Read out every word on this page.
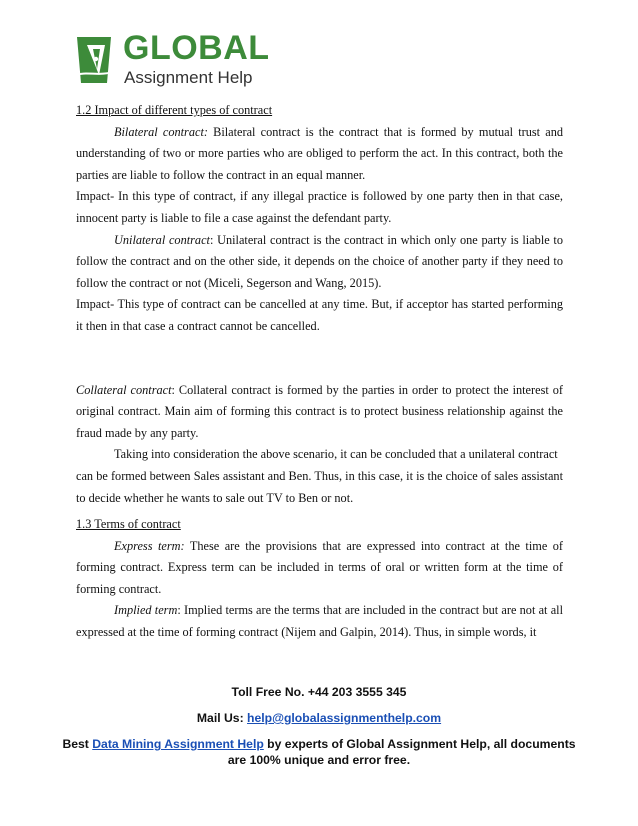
GLOBAL
Assignment Help

1.2 Impact of different types of contract

Bilateral contract: Bilateral contract is the contract that is formed by mutual trust and understanding of two or more parties who are obliged to perform the act. In this contract, both the parties are liable to follow the contract in an equal manner.

Impact- In this type of contract, if any illegal practice is followed by one party then in that case, innocent party is liable to file a case against the defendant party.

Unilateral contract: Unilateral contract is the contract in which only one party is liable to follow the contract and on the other side, it depends on the choice of another party if they need to follow the contract or not (Miceli, Segerson and Wang, 2015).

Impact- This type of contract can be cancelled at any time. But, if acceptor has started performing it then in that case a contract cannot be cancelled.

Collateral contract: Collateral contract is formed by the parties in order to protect the interest of original contract. Main aim of forming this contract is to protect business relationship against the fraud made by any party.

Taking into consideration the above scenario, it can be concluded that a unilateral contract

can be formed between Sales assistant and Ben. Thus, in this case, it is the choice of sales assistant to decide whether he wants to sale out TV to Ben or not.

1.3 Terms of contract

Express term: These are the provisions that are expressed into contract at the time of forming contract. Express term can be included in terms of oral or written form at the time of forming contract.

Implied term: Implied terms are the terms that are included in the contract but are not at all expressed at the time of forming contract (Nijem and Galpin, 2014). Thus, in simple words, it

Toll Free No. +44 203 3555 345

Mail Us: help@globalassignmenthelp.com

Best Data Mining Assignment Help by experts of Global Assignment Help, all documents are 100% unique and error free.
